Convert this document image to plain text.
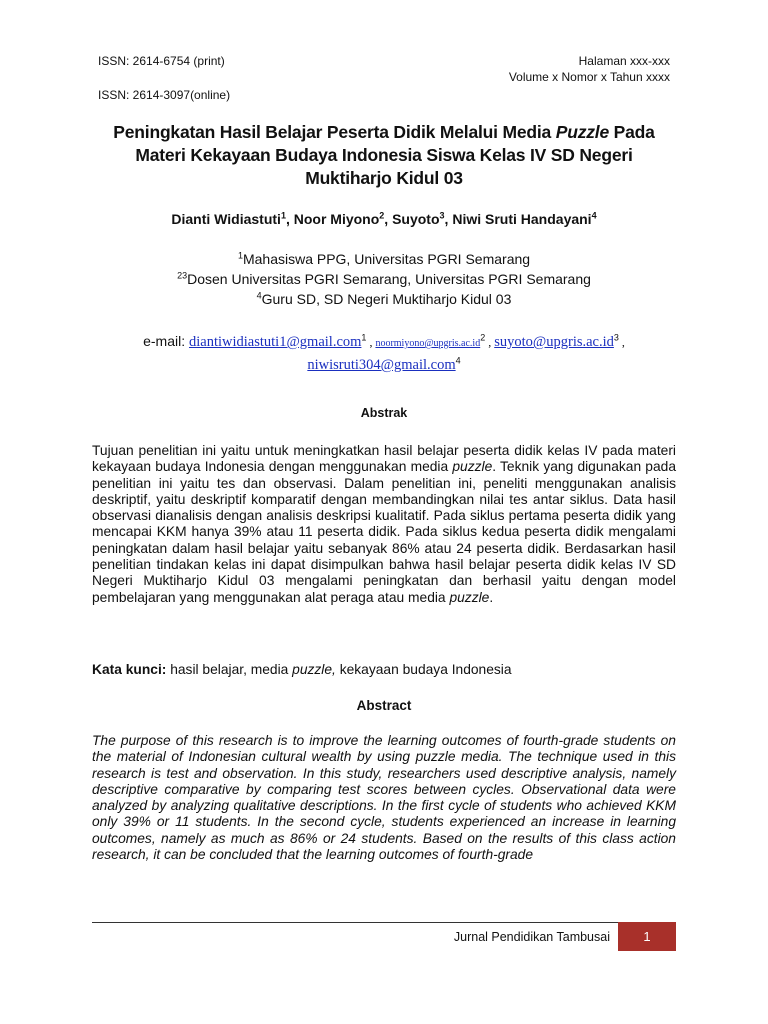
ISSN: 2614-6754 (print)
ISSN: 2614-3097(online)
Halaman xxx-xxx
Volume x Nomor x Tahun xxxx
Peningkatan Hasil Belajar Peserta Didik Melalui Media Puzzle Pada Materi Kekayaan Budaya Indonesia Siswa Kelas IV SD Negeri Muktiharjo Kidul 03
Dianti Widiastuti$^1$, Noor Miyono$^2$, Suyoto$^3$, Niwi Sruti Handayani$^4$
$^1$Mahasiswa PPG, Universitas PGRI Semarang
$^{23}$Dosen Universitas PGRI Semarang, Universitas PGRI Semarang
$^4$Guru SD, SD Negeri Muktiharjo Kidul 03
e-mail: diantiwidiastuti1@gmail.com$^1$ , $noormiyono@upgris.ac.id^2$ , $suyoto@upgris.ac.id^3$ ,
niwisruti304@gmail.com$^4$
Abstrak
Tujuan penelitian ini yaitu untuk meningkatkan hasil belajar peserta didik kelas IV pada materi kekayaan budaya Indonesia dengan menggunakan media puzzle. Teknik yang digunakan pada penelitian ini yaitu tes dan observasi. Dalam penelitian ini, peneliti menggunakan analisis deskriptif, yaitu deskriptif komparatif dengan membandingkan nilai tes antar siklus. Data hasil observasi dianalisis dengan analisis deskripsi kualitatif. Pada siklus pertama peserta didik yang mencapai KKM hanya 39% atau 11 peserta didik. Pada siklus kedua peserta didik mengalami peningkatan dalam hasil belajar yaitu sebanyak 86% atau 24 peserta didik. Berdasarkan hasil penelitian tindakan kelas ini dapat disimpulkan bahwa hasil belajar peserta didik kelas IV SD Negeri Muktiharjo Kidul 03 mengalami peningkatan dan berhasil yaitu dengan model pembelajaran yang menggunakan alat peraga atau media puzzle.
Kata kunci: hasil belajar, media puzzle, kekayaan budaya Indonesia
Abstract
The purpose of this research is to improve the learning outcomes of fourth-grade students on the material of Indonesian cultural wealth by using puzzle media. The technique used in this research is test and observation. In this study, researchers used descriptive analysis, namely descriptive comparative by comparing test scores between cycles. Observational data were analyzed by analyzing qualitative descriptions. In the first cycle of students who achieved KKM only 39% or 11 students. In the second cycle, students experienced an increase in learning outcomes, namely as much as 86% or 24 students. Based on the results of this class action research, it can be concluded that the learning outcomes of fourth-grade
Jurnal Pendidikan Tambusai	1
